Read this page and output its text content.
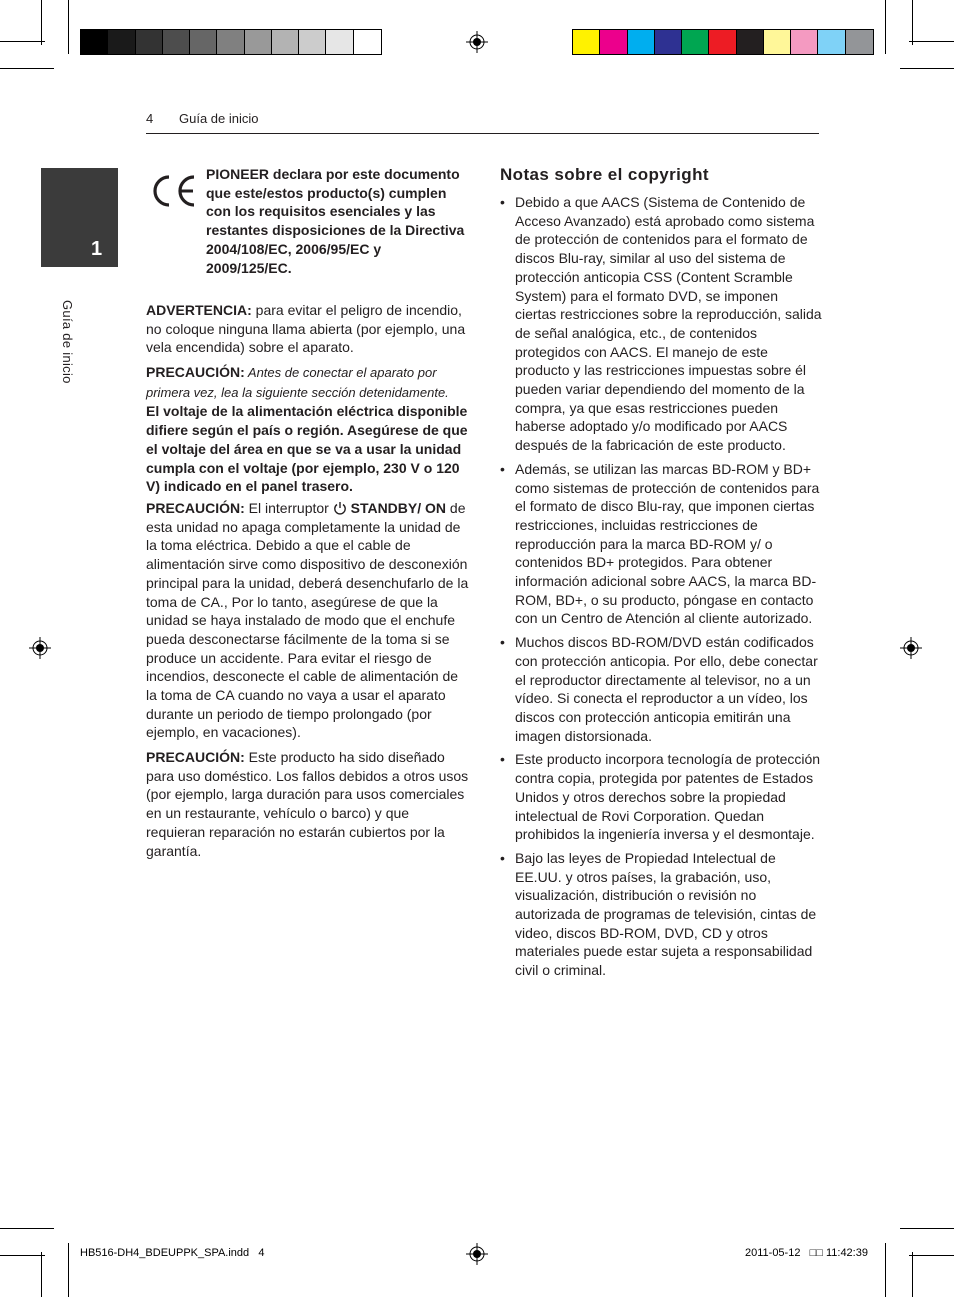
4 Guía de inicio
1
Guía de inicio
PIONEER declara por este documento que este/estos producto(s) cumplen con los requisitos esenciales y las restantes disposiciones de la Directiva 2004/108/EC, 2006/95/EC y 2009/125/EC.
ADVERTENCIA: para evitar el peligro de incendio, no coloque ninguna llama abierta (por ejemplo, una vela encendida) sobre el aparato.
PRECAUCIÓN: Antes de conectar el aparato por primera vez, lea la siguiente sección detenidamente.
El voltaje de la alimentación eléctrica disponible difiere según el país o región. Asegúrese de que el voltaje del área en que se va a usar la unidad cumpla con el voltaje (por ejemplo, 230 V o 120 V) indicado en el panel trasero.
PRECAUCIÓN: El interruptor  STANDBY/ ON de esta unidad no apaga completamente la unidad de la toma eléctrica. Debido a que el cable de alimentación sirve como dispositivo de desconexión principal para la unidad, deberá desenchufarlo de la toma de CA., Por lo tanto, asegúrese de que la unidad se haya instalado de modo que el enchufe pueda desconectarse fácilmente de la toma si se produce un accidente. Para evitar el riesgo de incendios, desconecte el cable de alimentación de la toma de CA cuando no vaya a usar el aparato durante un periodo de tiempo prolongado (por ejemplo, en vacaciones).
PRECAUCIÓN: Este producto ha sido diseñado para uso doméstico. Los fallos debidos a otros usos (por ejemplo, larga duración para usos comerciales en un restaurante, vehículo o barco) y que requieran reparación no estarán cubiertos por la garantía.
Notas sobre el copyright
• Debido a que AACS (Sistema de Contenido de Acceso Avanzado) está aprobado como sistema de protección de contenidos para el formato de discos Blu-ray, similar al uso del sistema de protección anticopia CSS (Content Scramble System) para el formato DVD, se imponen ciertas restricciones sobre la reproducción, salida de señal analógica, etc., de contenidos protegidos con AACS. El manejo de este producto y las restricciones impuestas sobre él pueden variar dependiendo del momento de la compra, ya que esas restricciones pueden haberse adoptado y/o modificado por AACS después de la fabricación de este producto.
• Además, se utilizan las marcas BD-ROM y BD+ como sistemas de protección de contenidos para el formato de disco Blu-ray, que imponen ciertas restricciones, incluidas restricciones de reproducción para la marca BD-ROM y/ o contenidos BD+ protegidos. Para obtener información adicional sobre AACS, la marca BD-ROM, BD+, o su producto, póngase en contacto con un Centro de Atención al cliente autorizado.
• Muchos discos BD-ROM/DVD están codificados con protección anticopia. Por ello, debe conectar el reproductor directamente al televisor, no a un vídeo. Si conecta el reproductor a un vídeo, los discos con protección anticopia emitirán una imagen distorsionada.
• Este producto incorpora tecnología de protección contra copia, protegida por patentes de Estados Unidos y otros derechos sobre la propiedad intelectual de Rovi Corporation. Quedan prohibidos la ingeniería inversa y el desmontaje.
• Bajo las leyes de Propiedad Intelectual de EE.UU. y otros países, la grabación, uso, visualización, distribución o revisión no autorizada de programas de televisión, cintas de video, discos BD-ROM, DVD, CD y otros materiales puede estar sujeta a responsabilidad civil o criminal.
HB516-DH4_BDEUPPK_SPA.indd   4	2011-05-12   □□ 11:42:39
